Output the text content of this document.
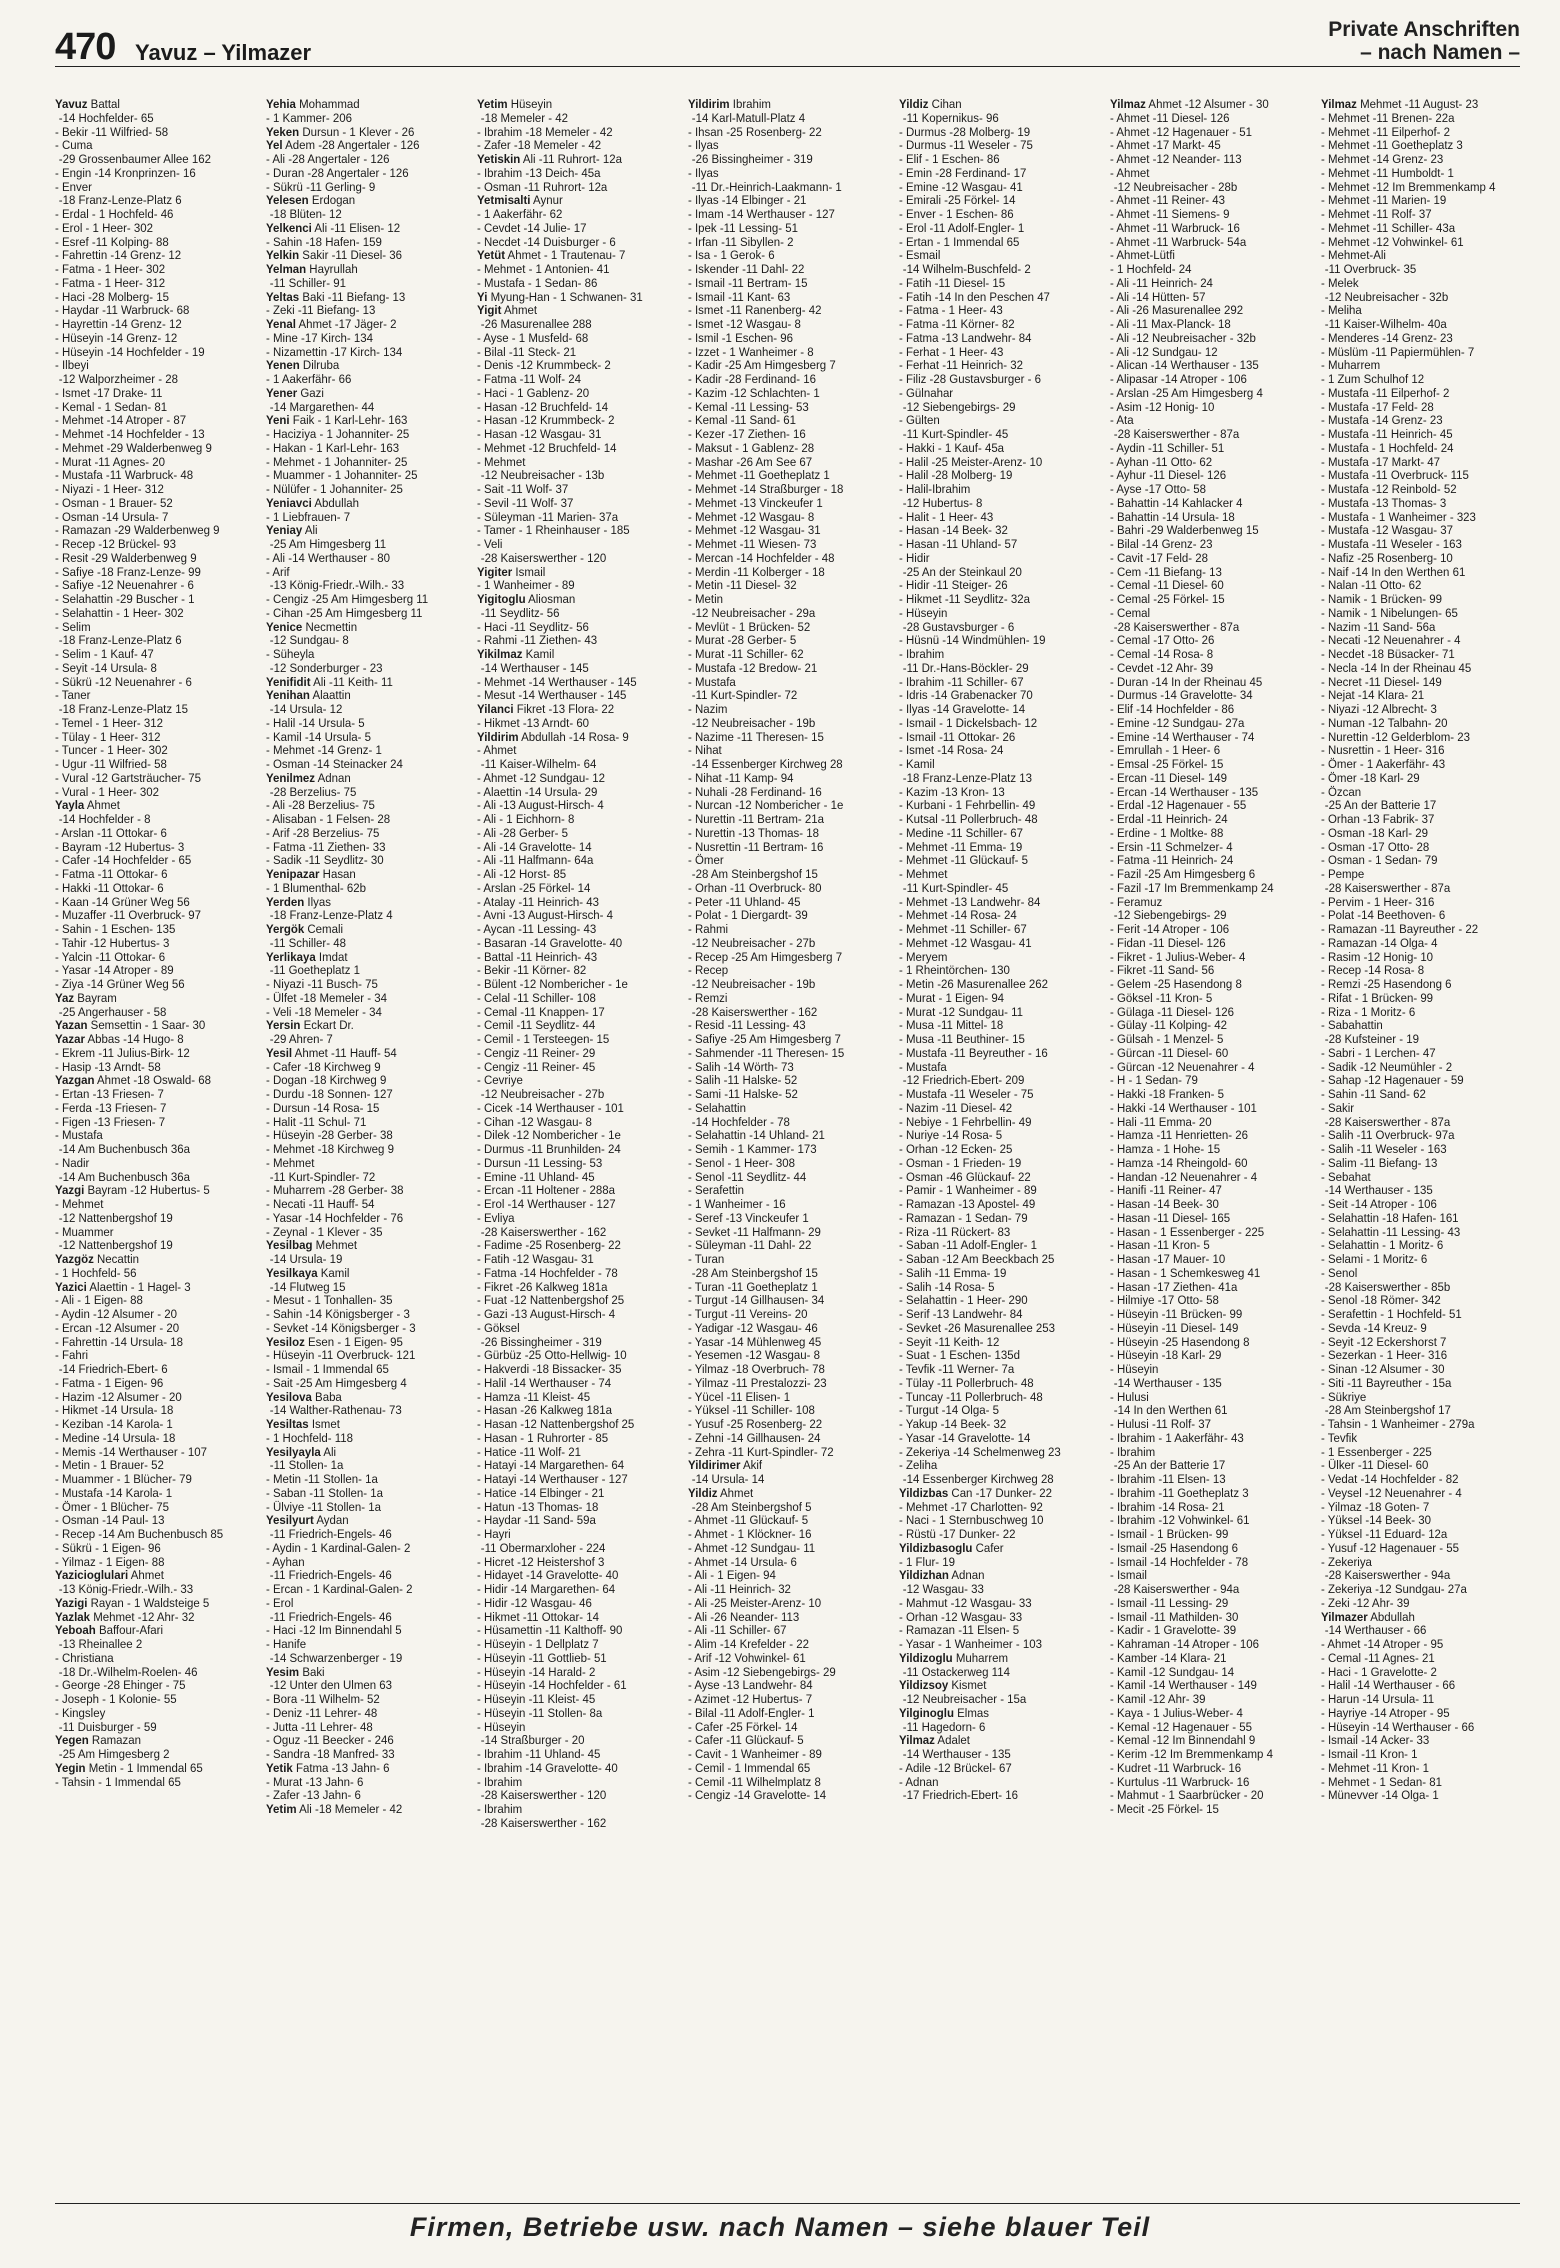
470 Yavuz – Yilmazer
Private Anschriften
– nach Namen –
Yavuz Battal
-14 Hochfelder- 65
- Bekir -11 Wilfried- 58
- Cuma
-29 Grossenbaumer Allee 162
- Engin -14 Kronprinzen- 16
- Enver
-18 Franz-Lenze-Platz 6
- Erdal - 1 Hochfeld- 46
- Erol - 1 Heer- 302
- Esref -11 Kolping- 88
- Fahrettin -14 Grenz- 12
- Fatma - 1 Heer- 302
- Fatma - 1 Heer- 312
- Haci -28 Molberg- 15
- Haydar -11 Warbruck- 68
- Hayrettin -14 Grenz- 12
- Hüseyin -14 Grenz- 12
- Hüseyin -14 Hochfelder - 19
- Ilbeyi
-12 Walporzheimer - 28
- Ismet -17 Drake- 11
- Kemal - 1 Sedan- 81
- Mehmet -14 Atroper - 87
- Mehmet -14 Hochfelder - 13
- Mehmet -29 Walderbenweg 9
- Murat -11 Agnes- 20
- Mustafa -11 Warbruck- 48
- Niyazi - 1 Heer- 312
- Osman - 1 Brauer- 52
- Osman -14 Ursula- 7
- Ramazan -29 Walderbenweg 9
- Recep -12 Brückel- 93
- Resit -29 Walderbenweg 9
- Safiye -18 Franz-Lenze- 99
- Safiye -12 Neuenahrer - 6
- Selahattin -29 Buscher - 1
- Selahattin - 1 Heer- 302
- Selim
-18 Franz-Lenze-Platz 6
- Selim - 1 Kauf- 47
- Seyit -14 Ursula- 8
- Sükrü -12 Neuenahrer - 6
- Taner
-18 Franz-Lenze-Platz 15
- Temel - 1 Heer- 312
- Tülay - 1 Heer- 312
- Tuncer - 1 Heer- 302
- Ugur -11 Wilfried- 58
- Vural -12 Gartsträucher- 75
- Vural - 1 Heer- 302
Yayla Ahmet
-14 Hochfelder - 8
- Arslan -11 Ottokar- 6
- Bayram -12 Hubertus- 3
- Cafer -14 Hochfelder - 65
- Fatma -11 Ottokar- 6
- Hakki -11 Ottokar- 6
- Kaan -14 Grüner Weg 56
- Muzaffer -11 Overbruck- 97
- Sahin - 1 Eschen- 135
- Tahir -12 Hubertus- 3
- Yalcin -11 Ottokar- 6
- Yasar -14 Atroper - 89
- Ziya -14 Grüner Weg 56
Yaz Bayram
-25 Angerhauser - 58
Yazan Semsettin - 1 Saar- 30
Yazar Abbas -14 Hugo- 8
- Ekrem -11 Julius-Birk- 12
- Hasip -13 Arndt- 58
Yazgan Ahmet -18 Oswald- 68
- Ertan -13 Friesen- 7
- Ferda -13 Friesen- 7
- Figen -13 Friesen- 7
- Mustafa
-14 Am Buchenbusch 36a
- Nadir
-14 Am Buchenbusch 36a
Yazgi Bayram -12 Hubertus- 5
- Mehmet
-12 Nattenbergshof 19
- Muammer
-12 Nattenbergshof 19
Yazgöz Necattin
- 1 Hochfeld- 56
Yazici Alaettin - 1 Hagel- 3
- Ali - 1 Eigen- 88
- Aydin -12 Alsumer - 20
- Ercan -12 Alsumer - 20
- Fahrettin -14 Ursula- 18
- Fahri
-14 Friedrich-Ebert- 6
- Fatma - 1 Eigen- 96
- Hazim -12 Alsumer - 20
- Hikmet -14 Ursula- 18
- Keziban -14 Karola- 1
- Medine -14 Ursula- 18
- Memis -14 Werthauser - 107
- Metin - 1 Brauer- 52
- Muammer - 1 Blücher- 79
- Mustafa -14 Karola- 1
- Ömer - 1 Blücher- 75
- Osman -14 Paul- 13
- Recep -14 Am Buchenbusch 85
- Sükrü - 1 Eigen- 96
- Yilmaz - 1 Eigen- 88
Yazicioglulari Ahmet
-13 König-Friedr.-Wilh.- 33
Yazigi Rayan - 1 Waldsteige 5
Yazlak Mehmet -12 Ahr- 32
Yeboah Baffour-Afari
-13 Rheinallee 2
- Christiana
-18 Dr.-Wilhelm-Roelen- 46
- George -28 Ehinger - 75
- Joseph - 1 Kolonie- 55
- Kingsley
-11 Duisburger - 59
Yegen Ramazan
-25 Am Himgesberg 2
Yegin Metin - 1 Immendal 65
- Tahsin - 1 Immendal 65
Yehia Mohammad
- 1 Kammer- 206
Yeken Dursun - 1 Klever - 26
Yel Adem -28 Angertaler - 126
- Ali -28 Angertaler - 126
- Duran -28 Angertaler - 126
- Sükrü -11 Gerling- 9
Yelesen Erdogan
-18 Blüten- 12
Yelkenci Ali -11 Elisen- 12
- Sahin -18 Hafen- 159
Yelkin Sakir -11 Diesel- 36
Yelman Hayrullah
-11 Schiller- 91
Yeltas Baki -11 Biefang- 13
- Zeki -11 Biefang- 13
Yenal Ahmet -17 Jäger- 2
- Mine -17 Kirch- 134
- Nizamettin -17 Kirch- 134
Yenen Dilruba
- 1 Aakerfähr- 66
Yener Gazi
-14 Margarethen- 44
Yeni Faik - 1 Karl-Lehr- 163
- Haciziya - 1 Johanniter- 25
- Hakan - 1 Karl-Lehr- 163
- Mehmet - 1 Johanniter- 25
- Muammer - 1 Johanniter- 25
- Nülüfer - 1 Johanniter- 25
Yeniavci Abdullah
- 1 Liebfrauen- 7
Yeniay Ali
-25 Am Himgesberg 11
- Ali -14 Werthauser - 80
- Arif
-13 König-Friedr.-Wilh.- 33
- Cengiz -25 Am Himgesberg 11
- Cihan -25 Am Himgesberg 11
Yenice Necmettin
-12 Sundgau- 8
- Süheyla
-12 Sonderburger - 23
Yenifidit Ali -11 Keith- 11
Yenihan Alaattin
-14 Ursula- 12
- Halil -14 Ursula- 5
- Kamil -14 Ursula- 5
- Mehmet -14 Grenz- 1
- Osman -14 Steinacker 24
Yenilmez Adnan
-28 Berzelius- 75
- Ali -28 Berzelius- 75
- Alisaban - 1 Felsen- 28
- Arif -28 Berzelius- 75
- Fatma -11 Ziethen- 33
- Sadik -11 Seydlitz- 30
Yenipazar Hasan
- 1 Blumenthal- 62b
Yerden Ilyas
-18 Franz-Lenze-Platz 4
Yergök Cemali
-11 Schiller- 48
Yerlikaya Imdat
-11 Goetheplatz 1
- Niyazi -11 Busch- 75
- Ülfet -18 Memeler - 34
- Veli -18 Memeler - 34
Yersin Eckart Dr.
-29 Ahren- 7
Yesil Ahmet -11 Hauff- 54
- Cafer -18 Kirchweg 9
- Dogan -18 Kirchweg 9
- Durdu -18 Sonnen- 127
- Dursun -14 Rosa- 15
- Halit -11 Schul- 71
- Hüseyin -28 Gerber- 38
- Mehmet -18 Kirchweg 9
- Mehmet
-11 Kurt-Spindler- 72
- Muharrem -28 Gerber- 38
- Necati -11 Hauff- 54
- Yasar -14 Hochfelder - 76
- Zeynal - 1 Klever - 35
Yesilbag Mehmet
-14 Ursula- 19
Yesilkaya Kamil
-14 Flutweg 15
- Mesut - 1 Tonhallen- 35
- Sahin -14 Königsberger - 3
- Sevket -14 Königsberger - 3
Yesiloz Esen - 1 Eigen- 95
- Hüseyin -11 Overbruck- 121
- Ismail - 1 Immendal 65
- Sait -25 Am Himgesberg 4
Yesilova Baba
-14 Walther-Rathenau- 73
Yesiltas Ismet
- 1 Hochfeld- 118
Yesilyayla Ali
-11 Stollen- 1a
- Metin -11 Stollen- 1a
- Saban -11 Stollen- 1a
- Ülviye -11 Stollen- 1a
Yesilyurt Aydan
-11 Friedrich-Engels- 46
- Aydin - 1 Kardinal-Galen- 2
- Ayhan
-11 Friedrich-Engels- 46
- Ercan - 1 Kardinal-Galen- 2
- Erol
-11 Friedrich-Engels- 46
- Haci -12 Im Binnendahl 5
- Hanife
-14 Schwarzenberger - 19
Yesim Baki
-12 Unter den Ulmen 63
- Bora -11 Wilhelm- 52
- Deniz -11 Lehrer- 48
- Jutta -11 Lehrer- 48
- Oguz -11 Beecker - 246
- Sandra -18 Manfred- 33
Yetik Fatma -13 Jahn- 6
- Murat -13 Jahn- 6
- Zafer -13 Jahn- 6
Yetim Ali -18 Memeler - 42
Yetim Hüseyin
-18 Memeler - 42
- Ibrahim -18 Memeler - 42
- Zafer -18 Memeler - 42
Yetiskin Ali -11 Ruhrort- 12a
- Ibrahim -13 Deich- 45a
- Osman -11 Ruhrort- 12a
Yetmisalti Aynur
- 1 Aakerfähr- 62
- Cevdet -14 Julie- 17
- Necdet -14 Duisburger - 6
Yetüt Ahmet - 1 Trautenau- 7
- Mehmet - 1 Antonien- 41
- Mustafa - 1 Sedan- 86
Yi Myung-Han - 1 Schwanen- 31
Yigit Ahmet
-26 Masurenallee 288
- Ayse - 1 Musfeld- 68
- Bilal -11 Steck- 21
- Denis -12 Krummbeck- 2
- Fatma -11 Wolf- 24
- Haci - 1 Gablenz- 20
- Hasan -12 Bruchfeld- 14
- Hasan -12 Krummbeck- 2
- Hasan -12 Wasgau- 31
- Mehmet -12 Bruchfeld- 14
- Mehmet
-12 Neubreisacher - 13b
- Sait -11 Wolf- 37
- Sevil -11 Wolf- 37
- Süleyman -11 Marien- 37a
- Tamer - 1 Rheinhauser - 185
- Veli
-28 Kaiserswerther - 120
Yigiter Ismail
- 1 Wanheimer - 89
Yigitoglu Aliosman
-11 Seydlitz- 56
- Haci -11 Seydlitz- 56
- Rahmi -11 Ziethen- 43
Yikilmaz Kamil
-14 Werthauser - 145
- Mehmet -14 Werthauser - 145
- Mesut -14 Werthauser - 145
Yilanci Fikret -13 Flora- 22
- Hikmet -13 Arndt- 60
Yildirim Abdullah -14 Rosa- 9
- Ahmet
-11 Kaiser-Wilhelm- 64
- Ahmet -12 Sundgau- 12
- Alaettin -14 Ursula- 29
- Ali -13 August-Hirsch- 4
- Ali - 1 Eichhorn- 8
- Ali -28 Gerber- 5
- Ali -14 Gravelotte- 14
- Ali -11 Halfmann- 64a
- Ali -12 Horst- 85
- Arslan -25 Förkel- 14
- Atalay -11 Heinrich- 43
- Avni -13 August-Hirsch- 4
- Aycan -11 Lessing- 43
- Basaran -14 Gravelotte- 40
- Battal -11 Heinrich- 43
- Bekir -11 Körner- 82
- Bülent -12 Nombericher - 1e
- Celal -11 Schiller- 108
- Cemal -11 Knappen- 17
- Cemil -11 Seydlitz- 44
- Cemil - 1 Tersteegen- 15
- Cengiz -11 Reiner- 29
- Cengiz -11 Reiner- 45
- Cevriye
-12 Neubreisacher - 27b
- Cicek -14 Werthauser - 101
- Cihan -12 Wasgau- 8
- Dilek -12 Nombericher - 1e
- Durmus -11 Brunhilden- 24
- Dursun -11 Lessing- 53
- Emine -11 Uhland- 45
- Ercan -11 Holtener - 288a
- Erol -14 Werthauser - 127
- Evliya
-28 Kaiserswerther - 162
- Fadime -25 Rosenberg- 22
- Fatih -12 Wasgau- 31
- Fatma -14 Hochfelder - 78
- Fikret -26 Kalkweg 181a
- Fuat -12 Nattenbergshof 25
- Gazi -13 August-Hirsch- 4
- Göksel
-26 Bissingheimer - 319
- Gürbüz -25 Otto-Hellwig- 10
- Hakverdi -18 Bissacker- 35
- Halil -14 Werthauser - 74
- Hamza -11 Kleist- 45
- Hasan -26 Kalkweg 181a
- Hasan -12 Nattenbergshof 25
- Hasan - 1 Ruhrorter - 85
- Hatice -11 Wolf- 21
- Hatayi -14 Margarethen- 64
- Hatayi -14 Werthauser - 127
- Hatice -14 Elbinger - 21
- Hatun -13 Thomas- 18
- Haydar -11 Sand- 59a
- Hayri
-11 Obermarxloher - 224
- Hicret -12 Heistershof 3
- Hidayet -14 Gravelotte- 40
- Hidir -14 Margarethen- 64
- Hidir -12 Wasgau- 46
- Hikmet -11 Ottokar- 14
- Hüsamettin -11 Kalthoff- 90
- Hüseyin - 1 Dellplatz 7
- Hüseyin -11 Gottlieb- 51
- Hüseyin -14 Harald- 2
- Hüseyin -14 Hochfelder - 61
- Hüseyin -11 Kleist- 45
- Hüseyin -11 Stollen- 8a
- Hüseyin
-14 Straßburger - 20
- Ibrahim -11 Uhland- 45
- Ibrahim -14 Gravelotte- 40
- Ibrahim
-28 Kaiserswerther - 120
- Ibrahim
-28 Kaiserswerther - 162
Yildirim Ibrahim
-14 Karl-Matull-Platz 4
- Ihsan -25 Rosenberg- 22
- Ilyas
-26 Bissingheimer - 319
- Ilyas
-11 Dr.-Heinrich-Laakmann- 1
- Ilyas -14 Elbinger - 21
- Imam -14 Werthauser - 127
- Ipek -11 Lessing- 51
- Irfan -11 Sibyllen- 2
- Isa - 1 Gerok- 6
- Iskender -11 Dahl- 22
- Ismail -11 Bertram- 15
- Ismail -11 Kant- 63
- Ismet -11 Ranenberg- 42
- Ismet -12 Wasgau- 8
- Ismil -1 Eschen- 96
- Izzet - 1 Wanheimer - 8
- Kadir -25 Am Himgesberg 7
- Kadir -28 Ferdinand- 16
- Kazim -12 Schlachten- 1
- Kemal -11 Lessing- 53
- Kemal -11 Sand- 61
- Kezer -17 Ziethen- 16
- Maksut - 1 Gablenz- 28
- Mashar -26 Am See 67
- Mehmet -11 Goetheplatz 1
- Mehmet -14 Straßburger - 18
- Mehmet -13 Vinckeufer 1
- Mehmet -12 Wasgau- 8
- Mehmet -12 Wasgau- 31
- Mehmet -11 Wiesen- 73
- Mercan -14 Hochfelder - 48
- Merdin -11 Kolberger - 18
- Metin -11 Diesel- 32
- Metin
-12 Neubreisacher - 29a
- Mevlüt - 1 Brücken- 52
- Murat -28 Gerber- 5
- Murat -11 Schiller- 62
- Mustafa -12 Bredow- 21
- Mustafa
-11 Kurt-Spindler- 72
- Nazim
-12 Neubreisacher - 19b
- Nazime -11 Theresen- 15
- Nihat
-14 Essenberger Kirchweg 28
- Nihat -11 Kamp- 94
- Nuhali -28 Ferdinand- 16
- Nurcan -12 Nombericher - 1e
- Nurettin -11 Bertram- 21a
- Nurettin -13 Thomas- 18
- Nusrettin -11 Bertram- 16
- Ömer
-28 Am Steinbergshof 15
- Orhan -11 Overbruck- 80
- Peter -11 Uhland- 45
- Polat - 1 Diergardt- 39
- Rahmi
-12 Neubreisacher - 27b
- Recep -25 Am Himgesberg 7
- Recep
-12 Neubreisacher - 19b
- Remzi
-28 Kaiserswerther - 162
- Resid -11 Lessing- 43
- Safiye -25 Am Himgesberg 7
- Sahmender -11 Theresen- 15
- Salih -14 Wörth- 73
- Salih -11 Halske- 52
- Sami -11 Halske- 52
- Selahattin
-14 Hochfelder - 78
- Selahattin -14 Uhland- 21
- Semih - 1 Kammer- 173
- Senol - 1 Heer- 308
- Senol -11 Seydlitz- 44
- Serafettin
- 1 Wanheimer - 16
- Seref -13 Vinckeufer 1
- Sevket -11 Halfmann- 29
- Süleyman -11 Dahl- 22
- Turan
-28 Am Steinbergshof 15
- Turan -11 Goetheplatz 1
- Turgut -14 Gillhausen- 34
- Turgut -11 Vereins- 20
- Yadigar -12 Wasgau- 46
- Yasar -14 Mühlenweg 45
- Yesemen -12 Wasgau- 8
- Yilmaz -18 Overbruch- 78
- Yilmaz -11 Prestalozzi- 23
- Yücel -11 Elisen- 1
- Yüksel -11 Schiller- 108
- Yusuf -25 Rosenberg- 22
- Zehni -14 Gillhausen- 24
- Zehra -11 Kurt-Spindler- 72
Yildirimer Akif
-14 Ursula- 14
Yildiz Ahmet
-28 Am Steinbergshof 5
- Ahmet -11 Glückauf- 5
- Ahmet - 1 Klöckner- 16
- Ahmet -12 Sundgau- 11
- Ahmet -14 Ursula- 6
- Ali - 1 Eigen- 94
- Ali -11 Heinrich- 32
- Ali -25 Meister-Arenz- 10
- Ali -26 Neander- 113
- Ali -11 Schiller- 67
- Alim -14 Krefelder - 22
- Arif -12 Vohwinkel- 61
- Asim -12 Siebengebirgs- 29
- Ayse -13 Landwehr- 84
- Azimet -12 Hubertus- 7
- Bilal -11 Adolf-Engler- 1
- Cafer -25 Förkel- 14
- Cafer -11 Glückauf- 5
- Cavit - 1 Wanheimer - 89
- Cemil - 1 Immendal 65
- Cemil -11 Wilhelmplatz 8
- Cengiz -14 Gravelotte- 14
Yildiz Cihan
-11 Kopernikus- 96
- Durmus -28 Molberg- 19
- Durmus -11 Weseler - 75
- Elif - 1 Eschen- 86
- Emin -28 Ferdinand- 17
- Emine -12 Wasgau- 41
- Emirali -25 Förkel- 14
- Enver - 1 Eschen- 86
- Erol -11 Adolf-Engler- 1
- Ertan - 1 Immendal 65
- Esmail
-14 Wilhelm-Buschfeld- 2
- Fatih -11 Diesel- 15
- Fatih -14 In den Peschen 47
- Fatma - 1 Heer- 43
- Fatma -11 Körner- 82
- Fatma -13 Landwehr- 84
- Ferhat - 1 Heer- 43
- Ferhat -11 Heinrich- 32
- Filiz -28 Gustavsburger - 6
- Gülnahar
-12 Siebengebirgs- 29
- Gülten
-11 Kurt-Spindler- 45
- Hakki - 1 Kauf- 45a
- Halil -25 Meister-Arenz- 10
- Halil -28 Molberg- 19
- Halil-Ibrahim
-12 Hubertus- 8
- Halit - 1 Heer- 43
- Hasan -14 Beek- 32
- Hasan -11 Uhland- 57
- Hidir
-25 An der Steinkaul 20
- Hidir -11 Steiger- 26
- Hikmet -11 Seydlitz- 32a
- Hüseyin
-28 Gustavsburger - 6
- Hüsnü -14 Windmühlen- 19
- Ibrahim
-11 Dr.-Hans-Böckler- 29
- Ibrahim -11 Schiller- 67
- Idris -14 Grabenacker 70
- Ilyas -14 Gravelotte- 14
- Ismail - 1 Dickelsbach- 12
- Ismail -11 Ottokar- 26
- Ismet -14 Rosa- 24
- Kamil
-18 Franz-Lenze-Platz 13
- Kazim -13 Kron- 13
- Kurbani - 1 Fehrbellin- 49
- Kutsal -11 Pollerbruch- 48
- Medine -11 Schiller- 67
- Mehmet -11 Emma- 19
- Mehmet -11 Glückauf- 5
- Mehmet
-11 Kurt-Spindler- 45
- Mehmet -13 Landwehr- 84
- Mehmet -14 Rosa- 24
- Mehmet -11 Schiller- 67
- Mehmet -12 Wasgau- 41
- Meryem
- 1 Rheintörchen- 130
- Metin -26 Masurenallee 262
- Murat - 1 Eigen- 94
- Murat -12 Sundgau- 11
- Musa -11 Mittel- 18
- Musa -11 Beuthiner- 15
- Mustafa -11 Beyreuther - 16
- Mustafa
-12 Friedrich-Ebert- 209
- Mustafa -11 Weseler - 75
- Nazim -11 Diesel- 42
- Nebiye - 1 Fehrbellin- 49
- Nuriye -14 Rosa- 5
- Orhan -12 Ecken- 25
- Osman - 1 Frieden- 19
- Osman -46 Glückauf- 22
- Pamir - 1 Wanheimer - 89
- Ramazan -13 Apostel- 49
- Ramazan - 1 Sedan- 79
- Riza -11 Rückert- 83
- Saban -11 Adolf-Engler- 1
- Saban -12 Am Beeckbach 25
- Salih -11 Emma- 19
- Salih -14 Rosa- 5
- Selahattin - 1 Heer- 290
- Serif -13 Landwehr- 84
- Sevket -26 Masurenallee 253
- Seyit -11 Keith- 12
- Suat - 1 Eschen- 135d
- Tevfik -11 Werner- 7a
- Tülay -11 Pollerbruch- 48
- Tuncay -11 Pollerbruch- 48
- Turgut -14 Olga- 5
- Yakup -14 Beek- 32
- Yasar -14 Gravelotte- 14
- Zekeriya -14 Schelmenweg 23
- Zeliha
-14 Essenberger Kirchweg 28
Yildizbas Can -17 Dunker- 22
- Mehmet -17 Charlotten- 92
- Naci - 1 Sternbuschweg 10
- Rüstü -17 Dunker- 22
Yildizbasoglu Cafer
- 1 Flur- 19
Yildizhan Adnan
-12 Wasgau- 33
- Mahmut -12 Wasgau- 33
- Orhan -12 Wasgau- 33
- Ramazan -11 Elsen- 5
- Yasar - 1 Wanheimer - 103
Yildizoglu Muharrem
-11 Ostackerweg 114
Yildizsoy Kismet
-12 Neubreisacher - 15a
Yilginoglu Elmas
-11 Hagedorn- 6
Yilmaz Adalet
-14 Werthauser - 135
- Adile -12 Brückel- 67
- Adnan
-17 Friedrich-Ebert- 16
Yilmaz Ahmet -12 Alsumer - 30
- Ahmet -11 Diesel- 126
- Ahmet -12 Hagenauer - 51
- Ahmet -17 Markt- 45
- Ahmet -12 Neander- 113
- Ahmet
-12 Neubreisacher - 28b
- Ahmet -11 Reiner- 43
- Ahmet -11 Siemens- 9
- Ahmet -11 Warbruck- 16
- Ahmet -11 Warbruck- 54a
- Ahmet-Lütfi
- 1 Hochfeld- 24
- Ali -11 Heinrich- 24
- Ali -14 Hütten- 57
- Ali -26 Masurenallee 292
- Ali -11 Max-Planck- 18
- Ali -12 Neubreisacher - 32b
- Ali -12 Sundgau- 12
- Alican -14 Werthauser - 135
- Alipasar -14 Atroper - 106
- Arslan -25 Am Himgesberg 4
- Asim -12 Honig- 10
- Ata
-28 Kaiserswerther - 87a
- Aydin -11 Schiller- 51
- Ayhan -11 Otto- 62
- Ayhur -11 Diesel- 126
- Ayse -17 Otto- 58
- Bahattin -14 Kahlacker 4
- Bahattin -14 Ursula- 18
- Bahri -29 Walderbenweg 15
- Bilal -14 Grenz- 23
- Cavit -17 Feld- 28
- Cem -11 Biefang- 13
- Cemal -11 Diesel- 60
- Cemal -25 Förkel- 15
- Cemal
-28 Kaiserswerther - 87a
- Cemal -17 Otto- 26
- Cemal -14 Rosa- 8
- Cevdet -12 Ahr- 39
- Duran -14 In der Rheinau 45
- Durmus -14 Gravelotte- 34
- Elif -14 Hochfelder - 86
- Emine -12 Sundgau- 27a
- Emine -14 Werthauser - 74
- Emrullah - 1 Heer- 6
- Emsal -25 Förkel- 15
- Ercan -11 Diesel- 149
- Ercan -14 Werthauser - 135
- Erdal -12 Hagenauer - 55
- Erdal -11 Heinrich- 24
- Erdine - 1 Moltke- 88
- Ersin -11 Schmelzer- 4
- Fatma -11 Heinrich- 24
- Fazil -25 Am Himgesberg 6
- Fazil -17 Im Bremmenkamp 24
- Feramuz
-12 Siebengebirgs- 29
- Ferit -14 Atroper - 106
- Fidan -11 Diesel- 126
- Fikret - 1 Julius-Weber- 4
- Fikret -11 Sand- 56
- Gelem -25 Hasendong 8
- Göksel -11 Kron- 5
- Gülaga -11 Diesel- 126
- Gülay -11 Kolping- 42
- Gülsah - 1 Menzel- 5
- Gürcan -11 Diesel- 60
- Gürcan -12 Neuenahrer - 4
- H - 1 Sedan- 79
- Hakki -18 Franken- 5
- Hakki -14 Werthauser - 101
- Hali -11 Emma- 20
- Hamza -11 Henrietten- 26
- Hamza - 1 Hohe- 15
- Hamza -14 Rheingold- 60
- Handan -12 Neuenahrer - 4
- Hanifi -11 Reiner- 47
- Hasan -14 Beek- 30
- Hasan -11 Diesel- 165
- Hasan - 1 Essenberger - 225
- Hasan -11 Kron- 5
- Hasan -17 Mauer- 10
- Hasan - 1 Schemkesweg 41
- Hasan -17 Ziethen- 41a
- Hilmiye -17 Otto- 58
- Hüseyin -11 Brücken- 99
- Hüseyin -11 Diesel- 149
- Hüseyin -25 Hasendong 8
- Hüseyin -18 Karl- 29
- Hüseyin
-14 Werthauser - 135
- Hulusi
-14 In den Werthen 61
- Hulusi -11 Rolf- 37
- Ibrahim - 1 Aakerfähr- 43
- Ibrahim
-25 An der Batterie 17
- Ibrahim -11 Elsen- 13
- Ibrahim -11 Goetheplatz 3
- Ibrahim -14 Rosa- 21
- Ibrahim -12 Vohwinkel- 61
- Ismail - 1 Brücken- 99
- Ismail -25 Hasendong 6
- Ismail -14 Hochfelder - 78
- Ismail
-28 Kaiserswerther - 94a
- Ismail -11 Lessing- 29
- Ismail -11 Mathilden- 30
- Kadir - 1 Gravelotte- 39
- Kahraman -14 Atroper - 106
- Kamber -14 Klara- 21
- Kamil -12 Sundgau- 14
- Kamil -14 Werthauser - 149
- Kamil -12 Ahr- 39
- Kaya - 1 Julius-Weber- 4
- Kemal -12 Hagenauer - 55
- Kemal -12 Im Binnendahl 9
- Kerim -12 Im Bremmenkamp 4
- Kudret -11 Warbruck- 16
- Kurtulus -11 Warbruck- 16
- Mahmut - 1 Saarbrücker - 20
- Mecit -25 Förkel- 15
Yilmaz Mehmet -11 August- 23
- Mehmet -11 Brenen- 22a
- Mehmet -11 Eilperhof- 2
- Mehmet -11 Goetheplatz 3
- Mehmet -14 Grenz- 23
- Mehmet -11 Humboldt- 1
- Mehmet -12 Im Bremmenkamp 4
- Mehmet -11 Marien- 19
- Mehmet -11 Rolf- 37
- Mehmet -11 Schiller- 43a
- Mehmet -12 Vohwinkel- 61
- Mehmet-Ali
-11 Overbruck- 35
- Melek
-12 Neubreisacher - 32b
- Meliha
-11 Kaiser-Wilhelm- 40a
- Menderes -14 Grenz- 23
- Müslüm -11 Papiermühlen- 7
- Muharrem
- 1 Zum Schulhof 12
- Mustafa -11 Eilperhof- 2
- Mustafa -17 Feld- 28
- Mustafa -14 Grenz- 23
- Mustafa -11 Heinrich- 45
- Mustafa - 1 Hochfeld- 24
- Mustafa -17 Markt- 47
- Mustafa -11 Overbruck- 115
- Mustafa -12 Reinbold- 52
- Mustafa -13 Thomas- 3
- Mustafa - 1 Wanheimer - 323
- Mustafa -12 Wasgau- 37
- Mustafa -11 Weseler - 163
- Nafiz -25 Rosenberg- 10
- Naif -14 In den Werthen 61
- Nalan -11 Otto- 62
- Namik - 1 Brücken- 99
- Namik - 1 Nibelungen- 65
- Nazim -11 Sand- 56a
- Necati -12 Neuenahrer - 4
- Necdet -18 Büsacker- 71
- Necla -14 In der Rheinau 45
- Necret -11 Diesel- 149
- Nejat -14 Klara- 21
- Niyazi -12 Albrecht- 3
- Numan -12 Talbahn- 20
- Nurettin -12 Gelderblom- 23
- Nusrettin - 1 Heer- 316
- Ömer - 1 Aakerfähr- 43
- Ömer -18 Karl- 29
- Özcan
-25 An der Batterie 17
- Orhan -13 Fabrik- 37
- Osman -18 Karl- 29
- Osman -17 Otto- 28
- Osman - 1 Sedan- 79
- Pempe
-28 Kaiserswerther - 87a
- Pervim - 1 Heer- 316
- Polat -14 Beethoven- 6
- Ramazan -11 Bayreuther - 22
- Ramazan -14 Olga- 4
- Rasim -12 Honig- 10
- Recep -14 Rosa- 8
- Remzi -25 Hasendong 6
- Rifat - 1 Brücken- 99
- Riza - 1 Moritz- 6
- Sabahattin
-28 Kufsteiner - 19
- Sabri - 1 Lerchen- 47
- Sadik -12 Neumühler - 2
- Sahap -12 Hagenauer - 59
- Sahin -11 Sand- 62
- Sakir
-28 Kaiserswerther - 87a
- Salih -11 Overbruck- 97a
- Salih -11 Weseler - 163
- Salim -11 Biefang- 13
- Sebahat
-14 Werthauser - 135
- Seit -14 Atroper - 106
- Selahattin -18 Hafen- 161
- Selahattin -11 Lessing- 43
- Selahattin - 1 Moritz- 6
- Selami - 1 Moritz- 6
- Senol
-28 Kaiserswerther - 85b
- Senol -18 Römer- 342
- Serafettin - 1 Hochfeld- 51
- Sevda -14 Kreuz- 9
- Seyit -12 Eckershorst 7
- Sezerkan - 1 Heer- 316
- Sinan -12 Alsumer - 30
- Siti -11 Bayreuther - 15a
- Sükriye
-28 Am Steinbergshof 17
- Tahsin - 1 Wanheimer - 279a
- Tevfik
- 1 Essenberger - 225
- Ülker -11 Diesel- 60
- Vedat -14 Hochfelder - 82
- Veysel -12 Neuenahrer - 4
- Yilmaz -18 Goten- 7
- Yüksel -14 Beek- 30
- Yüksel -11 Eduard- 12a
- Yusuf -12 Hagenauer - 55
- Zekeriya
-28 Kaiserswerther - 94a
- Zekeriya -12 Sundgau- 27a
- Zeki -12 Ahr- 39
Yilmazer Abdullah
-14 Werthauser - 66
- Ahmet -14 Atroper - 95
- Cemal -11 Agnes- 21
- Haci - 1 Gravelotte- 2
- Halil -14 Werthauser - 66
- Harun -14 Ursula- 11
- Hayriye -14 Atroper - 95
- Hüseyin -14 Werthauser - 66
- Ismail -14 Acker- 33
- Ismail -11 Kron- 1
- Mehmet -11 Kron- 1
- Mehmet - 1 Sedan- 81
- Münevver -14 Olga- 1
Firmen, Betriebe usw. nach Namen – siehe blauer Teil
